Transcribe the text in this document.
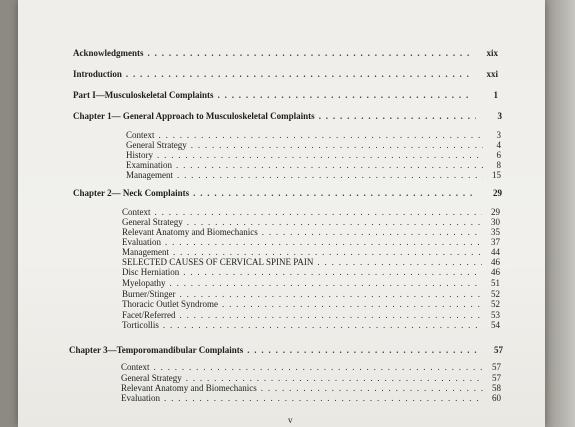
Acknowledgments . . .	xix
Introduction . . .	xxi
Part I—Musculoskeletal Complaints . . .	1
Chapter 1— General Approach to Musculoskeletal Complaints . . .	3
Context . . .	3
General Strategy . . .	4
History . . .	6
Examination . . .	8
Management . . .	15
Chapter 2— Neck Complaints . . .	29
Context . . .	29
General Strategy . . .	30
Relevant Anatomy and Biomechanics . . .	35
Evaluation . . .	37
Management . . .	44
SELECTED CAUSES OF CERVICAL SPINE PAIN . . .	46
Disc Herniation . . .	46
Myelopathy . . .	51
Burner/Stinger . . .	52
Thoracic Outlet Syndrome . . .	52
Facet/Referred . . .	53
Torticollis . . .	54
Chapter 3—Temporomandibular Complaints . . .	57
Context . . .	57
General Strategy . . .	57
Relevant Anatomy and Biomechanics . . .	58
Evaluation . . .	60
v
